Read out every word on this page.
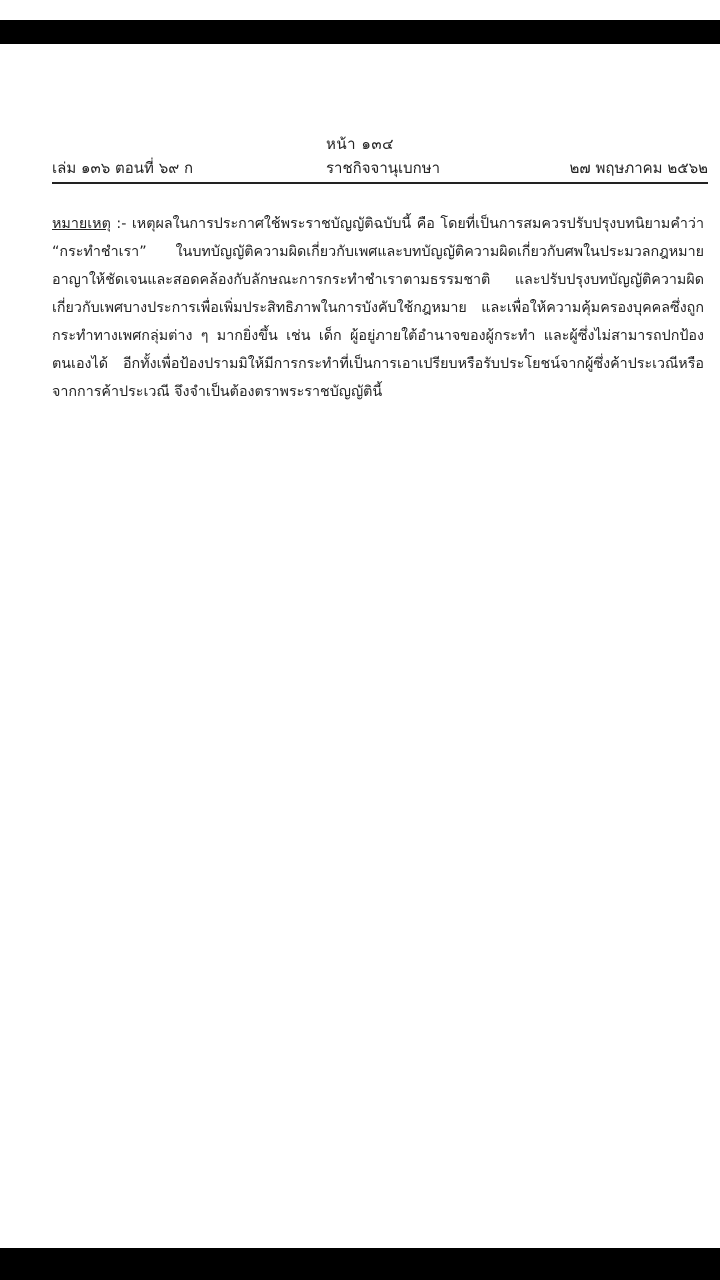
หน้า ๑๓๔
เล่ม ๑๓๖ ตอนที่ ๖๙ ก	ราชกิจจานุเบกษา	๒๗ พฤษภาคม ๒๕๖๒
หมายเหตุ :- เหตุผลในการประกาศใช้พระราชบัญญัติฉบับนี้ คือ โดยที่เป็นการสมควรปรับปรุงบทนิยามคำว่า “กระทำชำเรา” ในบทบัญญัติความผิดเกี่ยวกับเพศและบทบัญญัติความผิดเกี่ยวกับศพในประมวลกฎหมายอาญาให้ชัดเจนและสอดคล้องกับลักษณะการกระทำชำเราตามธรรมชาติ และปรับปรุงบทบัญญัติความผิดเกี่ยวกับเพศบางประการเพื่อเพิ่มประสิทธิภาพในการบังคับใช้กฎหมาย และเพื่อให้ความคุ้มครองบุคคลซึ่งถูกกระทำทางเพศกลุ่มต่าง ๆ มากยิ่งขึ้น เช่น เด็ก ผู้อยู่ภายใต้อำนาจของผู้กระทำ และผู้ซึ่งไม่สามารถปกป้องตนเองได้ อีกทั้งเพื่อป้องปรามมิให้มีการกระทำที่เป็นการเอาเปรียบหรือรับประโยชน์จากผู้ซึ่งค้าประเวณีหรือจากการค้าประเวณี จึงจำเป็นต้องตราพระราชบัญญัตินี้
